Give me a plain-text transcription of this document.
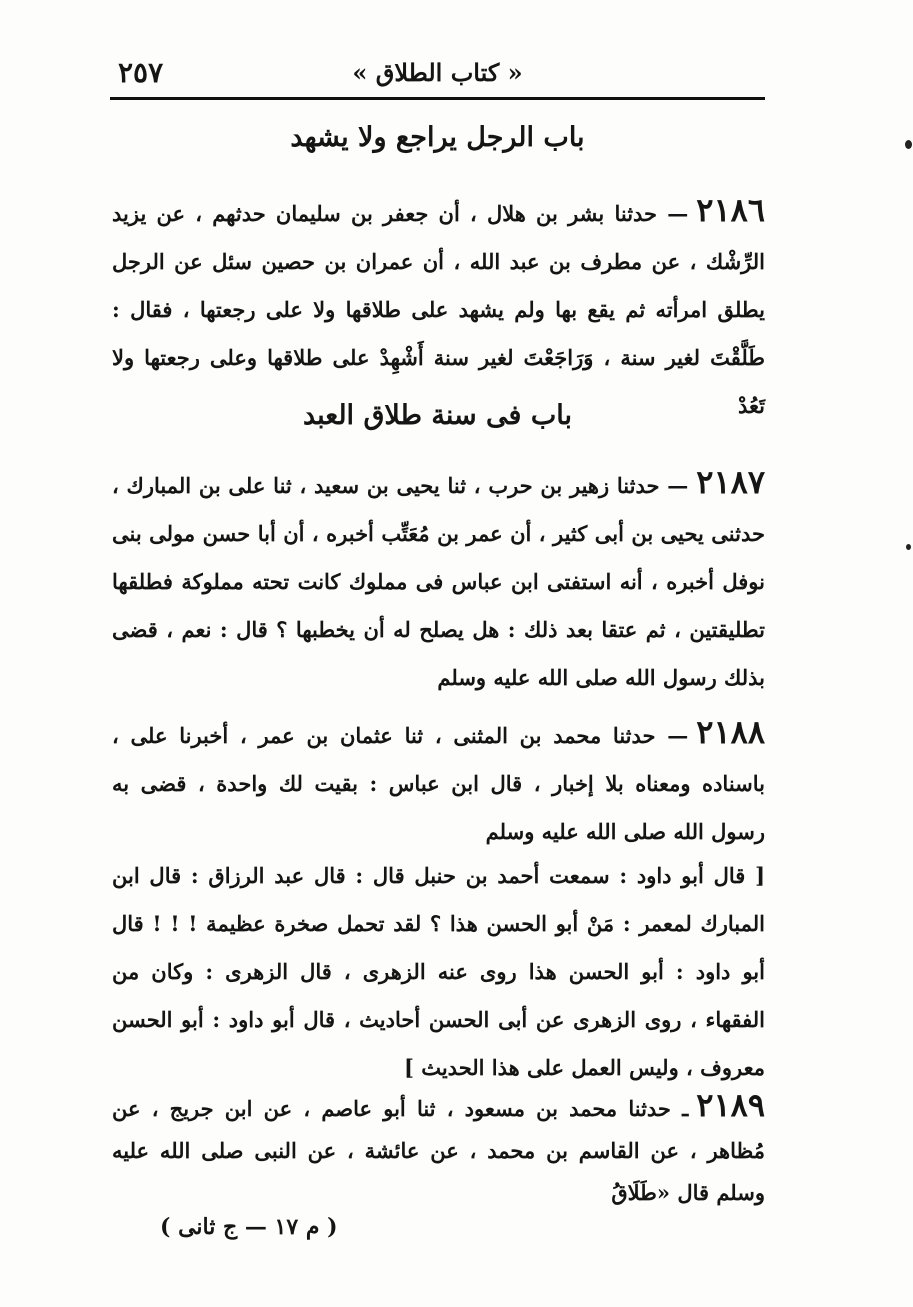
« كتاب الطلاق »
٢٥٧
باب الرجل يراجع ولا يشهد
٢١٨٦— حدثنا بشر بن هلال ، أن جعفر بن سليمان حدثهم ، عن يزيد الرِّشْك ، عن مطرف بن عبد الله ، أن عمران بن حصين سئل عن الرجل يطلق امرأته ثم يقع بها ولم يشهد على طلاقها ولا على رجعتها ، فقال : طَلَّقْتَ لغير سنة ، وَرَاجَعْتَ لغير سنة أَشْهِدْ على طلاقها وعلى رجعتها ولا تَعُدْ
باب فى سنة طلاق العبد
٢١٨٧— حدثنا زهير بن حرب ، ثنا يحيى بن سعيد ، ثنا على بن المبارك ، حدثنى يحيى بن أبى كثير ، أن عمر بن مُعَتِّب أخبره ، أن أبا حسن مولى بنى نوفل أخبره ، أنه استفتى ابن عباس فى مملوك كانت تحته مملوكة فطلقها تطليقتين ، ثم عتقا بعد ذلك : هل يصلح له أن يخطبها ؟ قال : نعم ، قضى بذلك رسول الله صلى الله عليه وسلم
٢١٨٨— حدثنا محمد بن المثنى ، ثنا عثمان بن عمر ، أخبرنا على ، باسناده ومعناه بلا إخبار ، قال ابن عباس : بقيت لك واحدة ، قضى به رسول الله صلى الله عليه وسلم
[ قال أبو داود : سمعت أحمد بن حنبل قال : قال عبد الرزاق : قال ابن المبارك لمعمر : مَنْ أبو الحسن هذا ؟ لقد تحمل صخرة عظيمة ! ! ! قال أبو داود : أبو الحسن هذا روى عنه الزهرى ، قال الزهرى : وكان من الفقهاء ، روى الزهرى عن أبى الحسن أحاديث ، قال أبو داود : أبو الحسن معروف ، وليس العمل على هذا الحديث ]
٢١٨٩ـ حدثنا محمد بن مسعود ، ثنا أبو عاصم ، عن ابن جريج ، عن مُظاهر ، عن القاسم بن محمد ، عن عائشة ، عن النبى صلى الله عليه وسلم قال «طَلَاقُ
( م ١٧ — ج ثانى )
